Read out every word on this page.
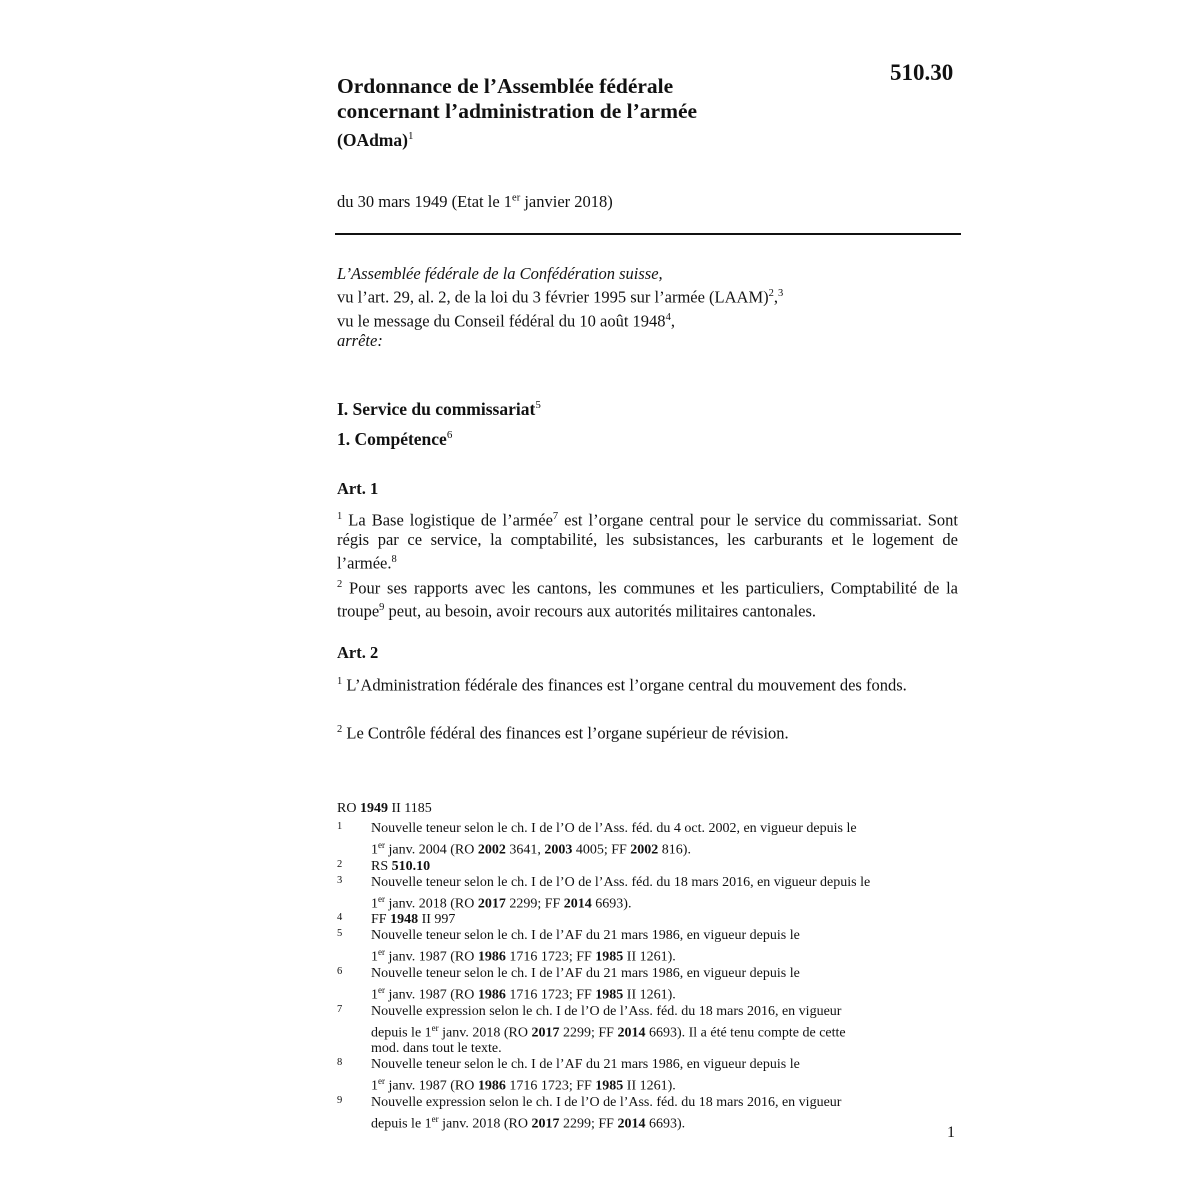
510.30
Ordonnance de l’Assemblée fédérale
concernant l’administration de l’armée
(OAdma)$^1$
du 30 mars 1949 (Etat le 1er janvier 2018)
L’Assemblée fédérale de la Confédération suisse,
vu l’art. 29, al. 2, de la loi du 3 février 1995 sur l’armée (LAAM)$^2$,$^3$
vu le message du Conseil fédéral du 10 août 1948$^4$,
arrête:
I. Service du commissariat$^5$
1. Compétence$^6$
Art. 1
$^1$ La Base logistique de l’armée$^7$ est l’organe central pour le service du commissariat. Sont régis par ce service, la comptabilité, les subsistances, les carburants et le logement de l’armée.$^8$
$^2$ Pour ses rapports avec les cantons, les communes et les particuliers, Comptabilité de la troupe$^9$ peut, au besoin, avoir recours aux autorités militaires cantonales.
Art. 2
$^1$ L’Administration fédérale des finances est l’organe central du mouvement des fonds.
$^2$ Le Contrôle fédéral des finances est l’organe supérieur de révision.
RO 1949 II 1185
1 Nouvelle teneur selon le ch. I de l’O de l’Ass. féd. du 4 oct. 2002, en vigueur depuis le
1er janv. 2004 (RO 2002 3641, 2003 4005; FF 2002 816).
2 RS 510.10
3 Nouvelle teneur selon le ch. I de l’O de l’Ass. féd. du 18 mars 2016, en vigueur depuis le
1er janv. 2018 (RO 2017 2299; FF 2014 6693).
4 FF 1948 II 997
5 Nouvelle teneur selon le ch. I de l’AF du 21 mars 1986, en vigueur depuis le
1er janv. 1987 (RO 1986 1716 1723; FF 1985 II 1261).
6 Nouvelle teneur selon le ch. I de l’AF du 21 mars 1986, en vigueur depuis le
1er janv. 1987 (RO 1986 1716 1723; FF 1985 II 1261).
7 Nouvelle expression selon le ch. I de l’O de l’Ass. féd. du 18 mars 2016, en vigueur
depuis le 1er janv. 2018 (RO 2017 2299; FF 2014 6693). Il a été tenu compte de cette
mod. dans tout le texte.
8 Nouvelle teneur selon le ch. I de l’AF du 21 mars 1986, en vigueur depuis le
1er janv. 1987 (RO 1986 1716 1723; FF 1985 II 1261).
9 Nouvelle expression selon le ch. I de l’O de l’Ass. féd. du 18 mars 2016, en vigueur
depuis le 1er janv. 2018 (RO 2017 2299; FF 2014 6693).	1
